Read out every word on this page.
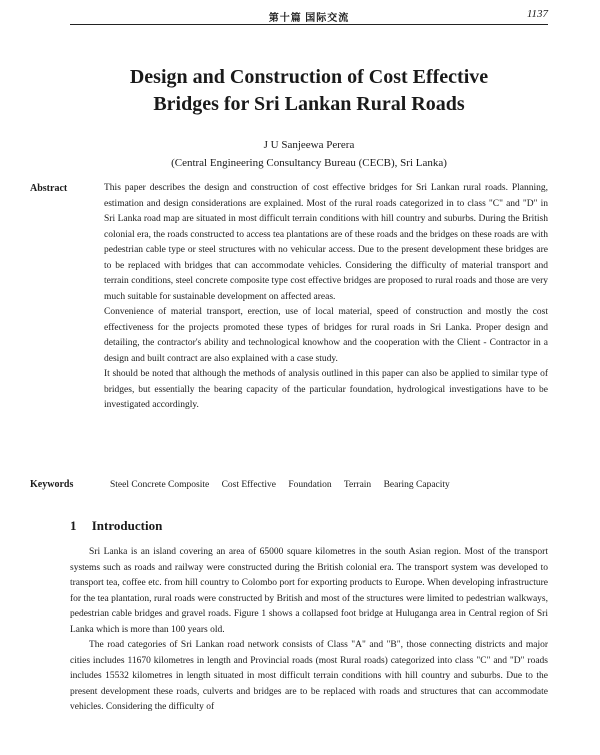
第十篇 国际交流	1137
Design and Construction of Cost Effective
Bridges for Sri Lankan Rural Roads
J U Sanjeewa Perera
(Central Engineering Consultancy Bureau (CECB), Sri Lanka)
Abstract	This paper describes the design and construction of cost effective bridges for Sri Lankan rural roads. Planning, estimation and design considerations are explained. Most of the rural roads categorized in to class "C" and "D" in Sri Lanka road map are situated in most difficult terrain conditions with hill country and suburbs. During the British colonial era, the roads constructed to access tea plantations are of these roads and the bridges on these roads are with pedestrian cable type or steel structures with no vehicular access. Due to the present development these bridges are to be replaced with bridges that can accommodate vehicles. Considering the difficulty of material transport and terrain conditions, steel concrete composite type cost effective bridges are proposed to rural roads and those are very much suitable for sustainable development on affected areas.

Convenience of material transport, erection, use of local material, speed of construction and mostly the cost effectiveness for the projects promoted these types of bridges for rural roads in Sri Lanka. Proper design and detailing, the contractor's ability and technological knowhow and the cooperation with the Client - Contractor in a design and built contract are also explained with a case study.

It should be noted that although the methods of analysis outlined in this paper can also be applied to similar type of bridges, but essentially the bearing capacity of the particular foundation, hydrological investigations have to be investigated accordingly.

Keywords	Steel Concrete Composite Cost Effective Foundation Terrain Bearing Capacity
1 Introduction

Sri Lanka is an island covering an area of 65000 square kilometres in the south Asian region. Most of the transport systems such as roads and railway were constructed during the British colonial era. The transport system was developed to transport tea, coffee etc. from hill country to Colombo port for exporting products to Europe. When developing infrastructure for the tea plantation, rural roads were constructed by British and most of the structures were limited to pedestrian walkways, pedestrian cable bridges and gravel roads. Figure 1 shows a collapsed foot bridge at Huluganga area in Central region of Sri Lanka which is more than 100 years old.

The road categories of Sri Lankan road network consists of Class "A" and "B", those connecting districts and major cities includes 11670 kilometres in length and Provincial roads (most Rural roads) categorized into class "C" and "D" roads includes 15532 kilometres in length situated in most difficult terrain conditions with hill country and suburbs. Due to the present development these roads, culverts and bridges are to be replaced with roads and structures that can accommodate vehicles. Considering the difficulty of
